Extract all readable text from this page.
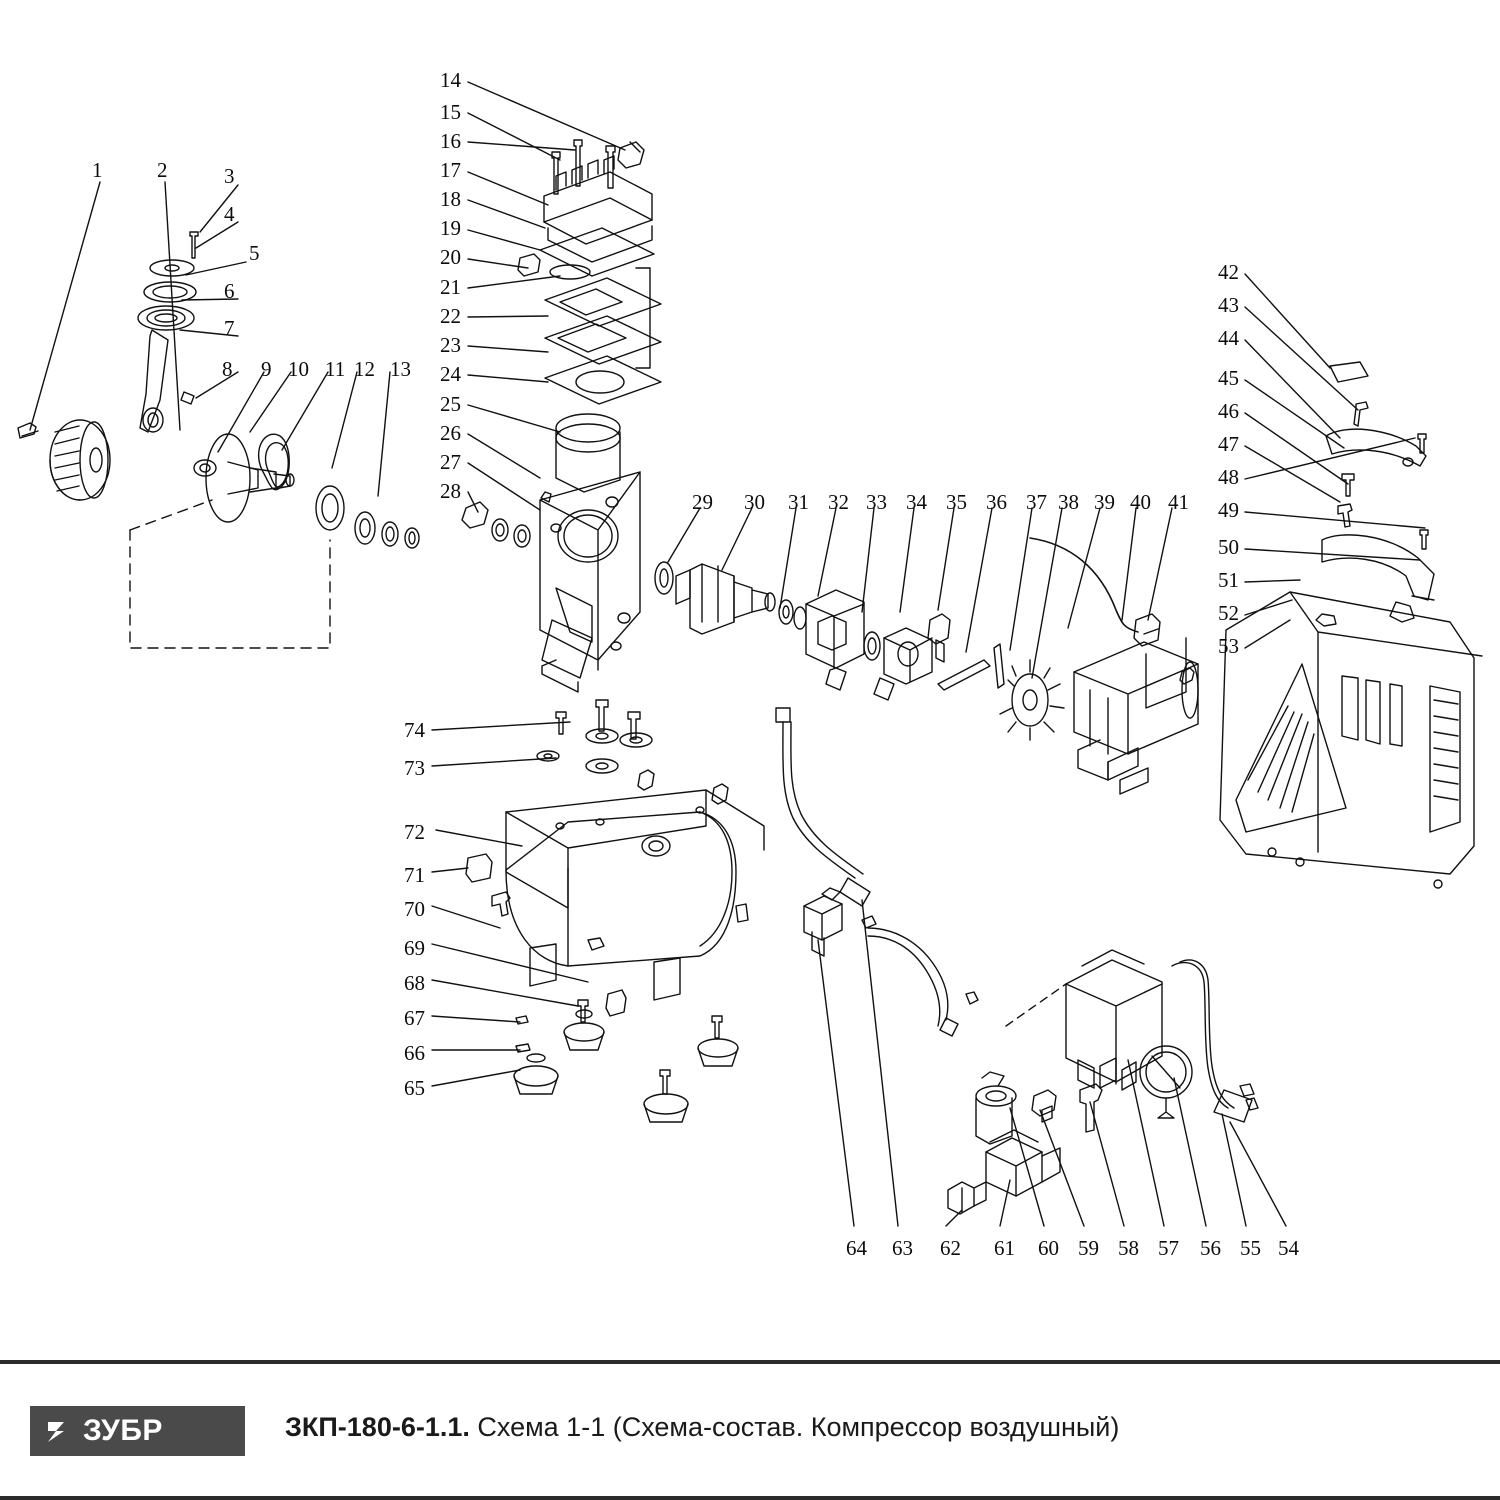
1	2	3
4
5
6
7
8 9 10 11 12 13
14
15
16
17
18
19
20
21
22
23
24
25
26
27
28	29 30 31 32 33 34 35 36 37 38 39 40 41
42
43
44
45
46
47
48
49
50
51
52
53
54
55
56
57
58
59
60
61
62
63
64
65
66
67
68
69
70
71
72
73
74
ЗУБР	ЗКП-180-6-1.1. Схема 1-1 (Схема-состав. Компрессор воздушный)
